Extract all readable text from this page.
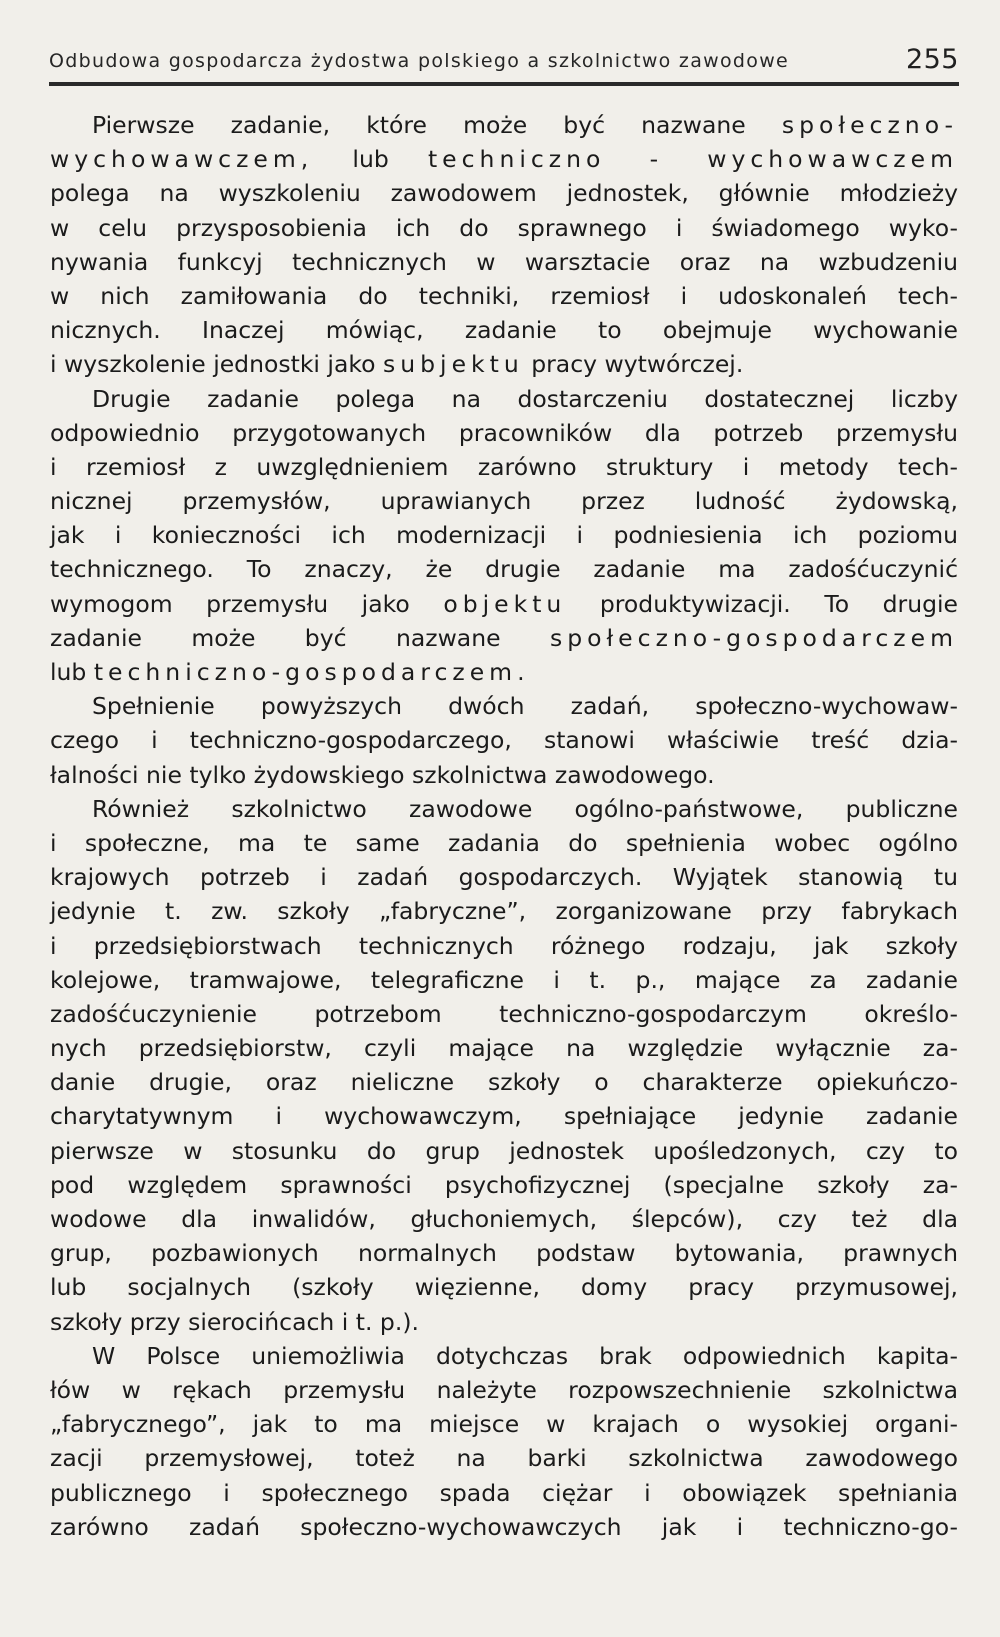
Odbudowa gospodarcza żydostwa polskiego a szkolnictwo zawodowe	255
Pierwsze zadanie, które może być nazwane społeczno-
wychowawczem, lub techniczno - wychowawczem
polega na wyszkoleniu zawodowem jednostek, głównie młodzieży
w celu przysposobienia ich do sprawnego i świadomego wyko-
nywania funkcyj technicznych w warsztacie oraz na wzbudzeniu
w nich zamiłowania do techniki, rzemiosł i udoskonaleń tech-
nicznych. Inaczej mówiąc, zadanie to obejmuje wychowanie
i wyszkolenie jednostki jako subjektu pracy wytwórczej.
Drugie zadanie polega na dostarczeniu dostatecznej liczby
odpowiednio przygotowanych pracowników dla potrzeb przemysłu
i rzemiosł z uwzględnieniem zarówno struktury i metody tech-
nicznej przemysłów, uprawianych przez ludność żydowską,
jak i konieczności ich modernizacji i podniesienia ich poziomu
technicznego. To znaczy, że drugie zadanie ma zadośćuczynić
wymogom przemysłu jako objektu produktywizacji. To drugie
zadanie może być nazwane społeczno-gospodarczem
lub techniczno-gospodarczem.
Spełnienie powyższych dwóch zadań, społeczno-wychowaw-
czego i techniczno-gospodarczego, stanowi właściwie treść dzia-
łalności nie tylko żydowskiego szkolnictwa zawodowego.
Również szkolnictwo zawodowe ogólno-państwowe, publiczne
i społeczne, ma te same zadania do spełnienia wobec ogólno
krajowych potrzeb i zadań gospodarczych. Wyjątek stanowią tu
jedynie t. zw. szkoły „fabryczne”, zorganizowane przy fabrykach
i przedsiębiorstwach technicznych różnego rodzaju, jak szkoły
kolejowe, tramwajowe, telegraficzne i t. p., mające za zadanie
zadośćuczynienie potrzebom techniczno-gospodarczym określo-
nych przedsiębiorstw, czyli mające na względzie wyłącznie za-
danie drugie, oraz nieliczne szkoły o charakterze opiekuńczo-
charytatywnym i wychowawczym, spełniające jedynie zadanie
pierwsze w stosunku do grup jednostek upośledzonych, czy to
pod względem sprawności psychofizycznej (specjalne szkoły za-
wodowe dla inwalidów, głuchoniemych, ślepców), czy też dla
grup, pozbawionych normalnych podstaw bytowania, prawnych
lub socjalnych (szkoły więzienne, domy pracy przymusowej,
szkoły przy sierocińcach i t. p.).
W Polsce uniemożliwia dotychczas brak odpowiednich kapita-
łów w rękach przemysłu należyte rozpowszechnienie szkolnictwa
„fabrycznego”, jak to ma miejsce w krajach o wysokiej organi-
zacji przemysłowej, toteż na barki szkolnictwa zawodowego
publicznego i społecznego spada ciężar i obowiązek spełniania
zarówno zadań społeczno-wychowawczych jak i techniczno-go-
